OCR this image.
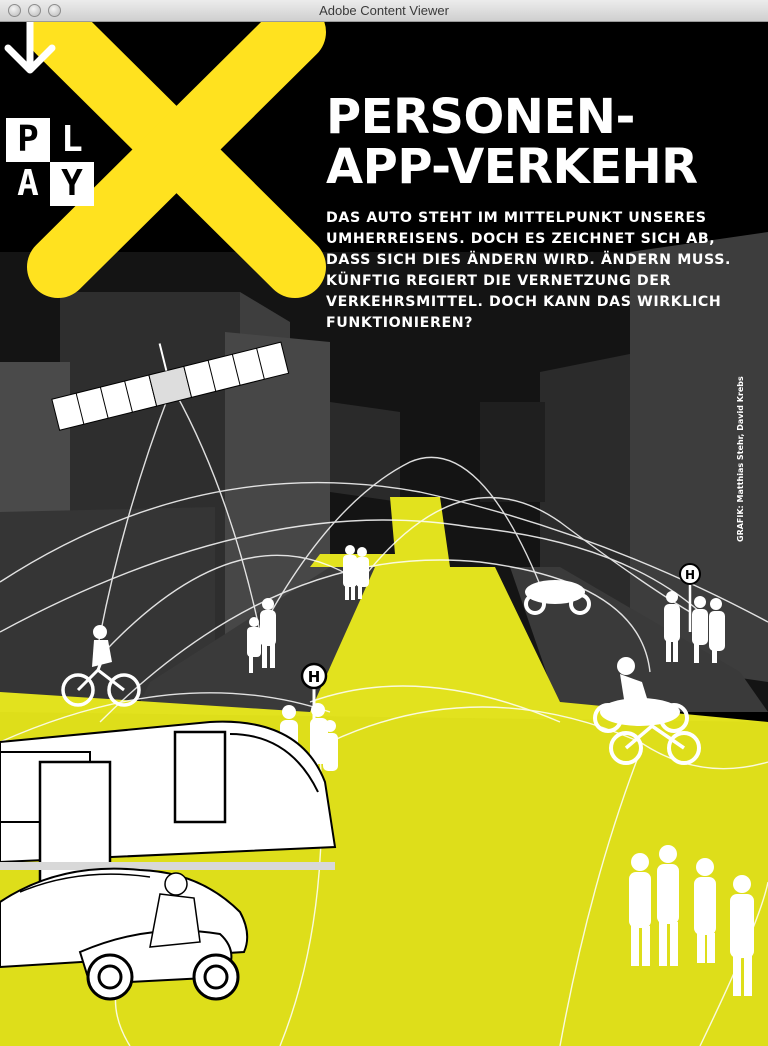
Adobe Content Viewer
H
H
P L
A Y
PERSONEN-
APP-VERKEHR

DAS AUTO STEHT IM MITTELPUNKT UNSERES UMHERREISENS. DOCH ES ZEICHNET SICH AB, DASS SICH DIES ÄNDERN WIRD. ÄNDERN MUSS. KÜNFTIG REGIERT DIE VERNETZUNG DER VERKEHRSMITTEL. DOCH KANN DAS WIRKLICH FUNKTIONIEREN?

GRAFIK: Matthias Stehr, David Krebs
